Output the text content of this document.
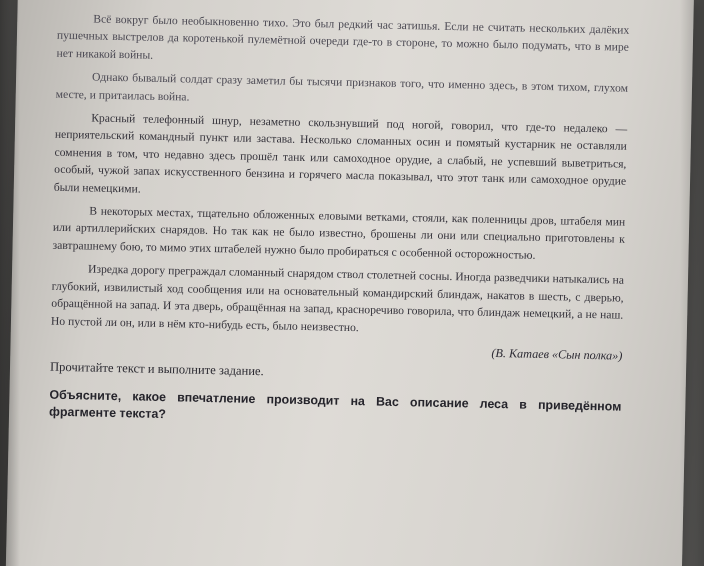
Всё вокруг было необыкновенно тихо. Это был редкий час затишья. Если не считать нескольких далёких пушечных выстрелов да коротенькой пулемётной очереди где-то в стороне, то можно было подумать, что в мире нет никакой войны.

Однако бывалый солдат сразу заметил бы тысячи признаков того, что именно здесь, в этом тихом, глухом месте, и притаилась война.

Красный телефонный шнур, незаметно скользнувший под ногой, говорил, что где-то недалеко — неприятельский командный пункт или застава. Несколько сломанных осин и помятый кустарник не оставляли сомнения в том, что недавно здесь прошёл танк или самоходное орудие, а слабый, не успевший выветриться, особый, чужой запах искусственного бензина и горячего масла показывал, что этот танк или самоходное орудие были немецкими.

В некоторых местах, тщательно обложенных еловыми ветками, стояли, как поленницы дров, штабеля мин или артиллерийских снарядов. Но так как не было известно, брошены ли они или специально приготовлены к завтрашнему бою, то мимо этих штабелей нужно было пробираться с особенной осторожностью.

Изредка дорогу преграждал сломанный снарядом ствол столетней сосны. Иногда разведчики натыкались на глубокий, извилистый ход сообщения или на основательный командирский блиндаж, накатов в шесть, с дверью, обращённой на запад. И эта дверь, обращённая на запад, красноречиво говорила, что блиндаж немецкий, а не наш. Но пустой ли он, или в нём кто-нибудь есть, было неизвестно.

(В. Катаев «Сын полка»)

Прочитайте текст и выполните задание.

Объясните, какое впечатление производит на Вас описание леса в приведённом фрагменте текста?
